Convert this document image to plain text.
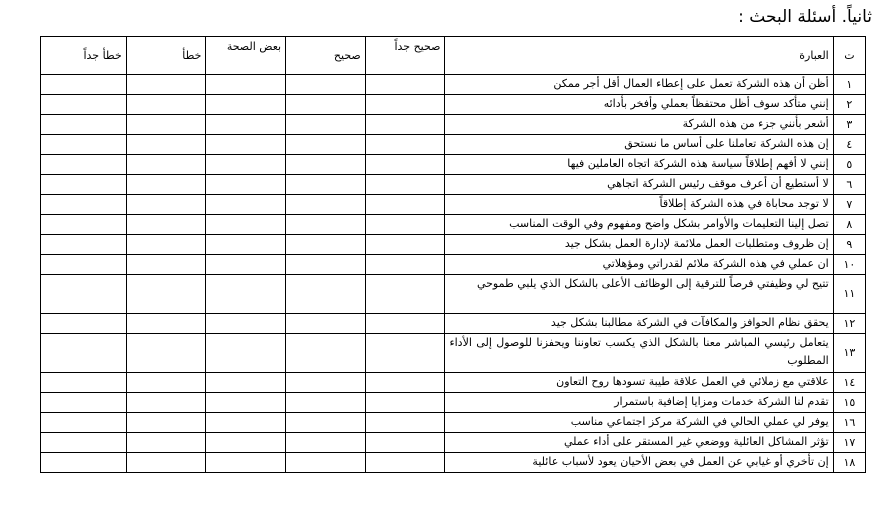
ثانياً. أسئلة البحث :
ت	العبارة	صحيح جداً	صحيح	بعض الصحة	خطأ	خطأ جداً
١	أظن أن هذه الشركة تعمل على إعطاء العمال أقل أجر ممكن					
٢	إنني متأكد سوف أظل محتفظاً بعملي وأفخر بأدائه					
٣	أشعر بأنني جزء من هذه الشركة					
٤	إن هذه الشركة تعاملنا على أساس ما نستحق					
٥	إنني لا أفهم إطلاقاً سياسة هذه الشركة اتجاه العاملين فيها					
٦	لا أستطيع أن أعرف موقف رئيس الشركة اتجاهي					
٧	لا توجد محاباة في هذه الشركة إطلاقاً					
٨	تصل إلينا التعليمات والأوامر بشكل واضح ومفهوم وفي الوقت المناسب					
٩	إن ظروف ومتطلبات العمل ملائمة لإدارة العمل بشكل جيد					
١٠	ان عملي في هذه الشركة ملائم لقدراتي ومؤهلاتي					
١١	تتيح لي وظيفتي فرصاً للترقية إلى الوظائف الأعلى بالشكل الذي يلبي طموحي					
١٢	يحقق نظام الحوافز والمكافآت في الشركة مطالبنا بشكل جيد					
١٣	يتعامل رئيسي المباشر معنا بالشكل الذي يكسب تعاوننا ويحفزنا للوصول إلى الأداء المطلوب					
١٤	علاقتي مع زملائي في العمل علاقة طيبة تسودها روح التعاون					
١٥	تقدم لنا الشركة خدمات ومزايا إضافية باستمرار					
١٦	يوفر لي عملي الحالي في الشركة مركز اجتماعي مناسب					
١٧	تؤثر المشاكل العائلية ووضعي غير المستقر على أداء عملي					
١٨	إن تأخري أو غيابي عن العمل في بعض الأحيان يعود لأسباب عائلية					
